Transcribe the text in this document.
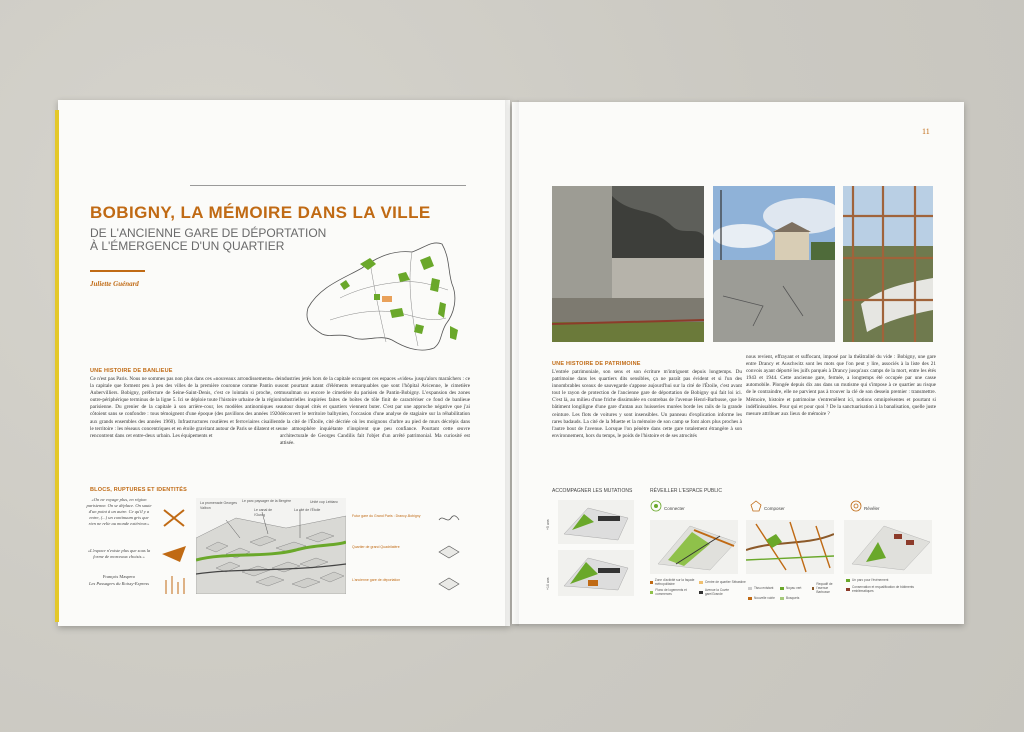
BOBIGNY, LA MÉMOIRE DANS LA VILLE
DE L'ANCIENNE GARE DE DÉPORTATION
À L'ÉMERGENCE D'UN QUARTIER
Juliette Guénard
UNE HISTOIRE DE BANLIEUE
Ce n'est pas Paris. Nous ne sommes pas non plus dans ces «nouveaux arrondissements» de la capitale que forment peu à peu des villes de la première couronne comme Pantin ou Aubervilliers. Bobigny, préfecture de Seine-Saint-Denis, c'est ce lointain si proche, cet outre-périphérique terminus de la ligne 5. Ici se déploie toute l'histoire urbaine de la région parisienne. Du grenier de la capitale à son arrière-cour, les modèles antinomiques se côtoient sans se confondre : tous témoignent d'une époque (des pavillons des années 1920 aux grands ensembles des années 1960). Infrastructures routières et ferroviaires cisaillent le territoire : les réseaux concentriques et en étoile gravitant autour de Paris se dilatent et se rencontrent dans cet entre-deux urbain. Les équipements et
industries jetés hors de la capitale occupent ces espaces «vides» jusqu'alors maraîchers : ce sont pourtant autant d'éléments remarquables que sont l'hôpital Avicenne, le cimetière musulman ou encore le cimetière du parisien de Pantin-Bobigny. L'expansion des zones industrielles inspirées faites de boîtes de tôle finit de caractériser ce fond de banlieue autour duquel cités et quartiers viennent buter. C'est par une approche négative que j'ai découvert le territoire balbynien, l'occasion d'une analyse de stagiaire sur la réhabilitation de la cité de l'Étoile, cité décriée où les moignons d'arbre au pied de murs décrépis dans une atmosphère inquiétante n'inspirent que peu confiance. Pourtant cette œuvre architecturale de Georges Candilis fait l'objet d'un arrêté patrimonial. Ma curiosité est attisée.
BLOCS, RUPTURES ET IDENTITÉS
«On ne voyage plus, en région parisienne. On se déplace. On saute d'un point à un autre. Ce qu'il y a entre, (...) un continuum gris que rien ne relie au monde extérieur.»
«L'espace n'existe plus que sous la forme de morceaux choisis.»
François Maspero
Les Passagers du Roissy-Express
La promenade Georges Valbon
Le parc paysager de la Bergère
Le canal de l'Ourcq
La cité de l'Étoile
Unité cup Leblanc
Futur gare du Grand Paris : Drancy-Bobigny
Quartier de grand Quadrilatère
L'ancienne gare de déportation
11
UNE HISTOIRE DE PATRIMOINE
L'entrée patrimoniale, son sens et son écriture m'intriguent depuis longtemps. Du patrimoine dans les quartiers dits sensibles, ça ne paraît pas évident et si l'un des innombrables sceaux de sauvegarde s'appose aujourd'hui sur la cité de l'Étoile, c'est avant tout le rayon de protection de l'ancienne gare de déportation de Bobigny qui fait loi ici. C'est là, au milieu d'une friche dissimulée en contrebas de l'avenue Henri-Barbusse, que le bâtiment longiligne d'une gare d'antan aux huisseries murées borde les rails de la grande ceinture. Les flots de voitures y sont insensibles. Un panneau d'explication informe les rares badauds. La cité de la Muette et la mémoire de son camp se font alors plus proches à l'autre bout de l'avenue. Lorsque l'on pénètre dans cette gare totalement étrangère à son environnement, hors du temps, le poids de l'histoire et de ses atrocités
nous revient, effrayant et suffocant, imposé par la théâtralité du vide : Bobigny, une gare entre Drancy et Auschwitz sont les mots que l'on peut y lire, associés à la liste des 21 convois ayant déporté les juifs parqués à Drancy jusqu'aux camps de la mort, entre les étés 1943 et 1944. Cette ancienne gare, fermée, a longtemps été occupée par une casse automobile. Plongée depuis dix ans dans un mutisme qui s'impose à ce quartier au risque de le contraindre, elle ne parvient pas à trouver la clé de son dessein premier : transmettre. Mémoire, histoire et patrimoine s'entremêlent ici, notions omniprésentes et pourtant si indéfinissables. Pour qui et pour quoi ? De la sanctuarisation à la banalisation, quelle juste mesure attribuer aux lieux de mémoire ?
ACCOMPAGNER LES MUTATIONS	RÉVEILLER L'ESPACE PUBLIC
+5 ans
+10 ans
Connecter	Composer	Révéler
Zone d'activité sur la façade métropolitaine	Centre de quartier Sébastine
Flanc de logements et commerces
Avenue la Cuvée gare/Grande
Tissu existant	Noyau vert
Requalif de l'avenue Barbusse
Nouvelle voirie	Bosquets
Un parc pour l'événement
Conservation et requalification de bâtiments emblématiques
